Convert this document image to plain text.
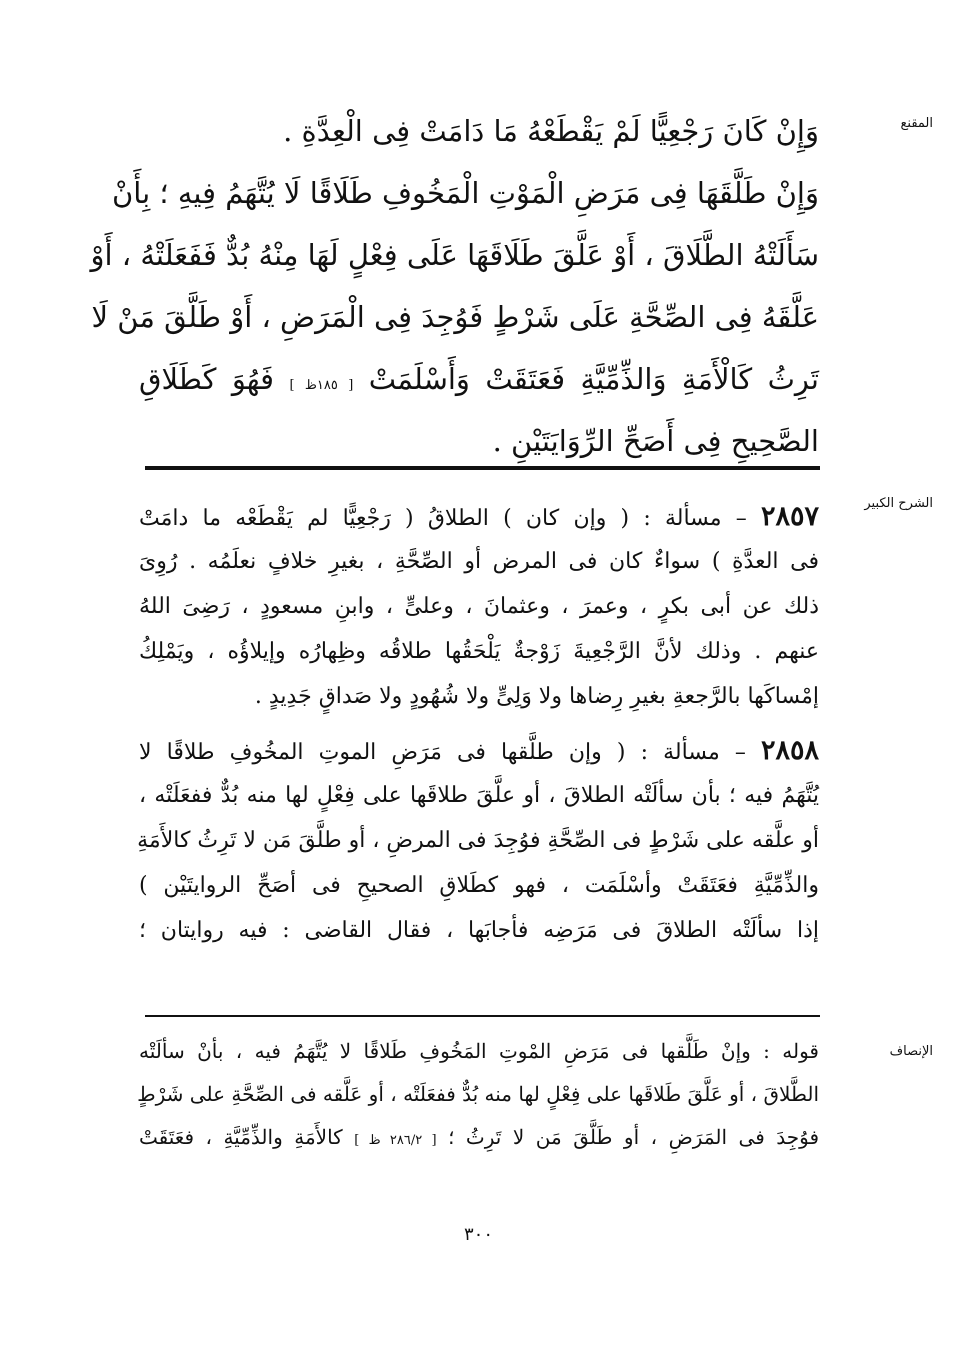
المقنع
وَإِنْ كَانَ رَجْعِيًّا لَمْ يَقْطَعْهُ مَا دَامَتْ فِى الْعِدَّةِ .
وَإِنْ طَلَّقَهَا فِى مَرَضِ الْمَوْتِ الْمَخُوفِ طَلَاقًا لَا يُتَّهَمُ فِيهِ ؛ بِأَنْ
سَأَلَتْهُ الطَّلَاقَ ، أَوْ عَلَّقَ طَلَاقَهَا عَلَى فِعْلٍ لَهَا مِنْهُ بُدٌّ فَفَعَلَتْهُ ، أَوْ
عَلَّقَهُ فِى الصِّحَّةِ عَلَى شَرْطٍ فَوُجِدَ فِى الْمَرَضِ ، أَوْ طَلَّقَ مَنْ لَا
تَرِثُ كَالْأَمَةِ وَالذِّمِّيَّةِ فَعَتَقَتْ وَأَسْلَمَتْ [ ١٨٥ظ ] فَهُوَ كَطَلَاقِ
الصَّحِيحِ فِى أَصَحِّ الرِّوَايَتَيْنِ .
الشرح الكبير
٢٨٥٧ – مسألة : ( وإن كان ) الطلاقُ ( رَجْعِيًّا لم يَقْطَعْه ما دامَتْ
فى العدَّةِ ) سواءٌ كان فى المرض أو الصِّحَّةِ ، بغيرِ خلافٍ نعلَمُه . رُوِىَ
ذلك عن أبى بكرٍ ، وعمرَ ، وعثمانَ ، وعلىٍّ ، وابنِ مسعودٍ ، رَضِىَ اللهُ
عنهم . وذلك لأنَّ الرَّجْعِيةَ زَوْجةٌ يَلْحَقُها طلاقُه وظِهارُه وإيلاؤُه ، ويَمْلِكُ
إمْساكَها بالرَّجعةِ بغيرِ رِضاها ولا وَلِىٍّ ولا شُهُودٍ ولا صَداقٍ جَدِيدٍ .
٢٨٥٨ – مسألة : ( وإن طلَّقها فى مَرَضِ الموتِ المخُوفِ طلاقًا لا
يُتَّهَمُ فيه ؛ بأن سألَتْه الطلاقَ ، أو علَّقَ طلاقَها على فِعْلٍ لها منه بُدٌّ ففعَلَتْه ،
أو علَّقه على شَرْطٍ فى الصِّحَّةِ فوُجِدَ فى المرضِ ، أو طلَّقَ مَن لا تَرِثُ كالأَمَةِ
والذِّمِّيَّةِ فعَتَقَتْ وأسْلَمَت ، فهو كطَلاقِ الصحيحِ فى أصَحِّ الروايتَيْن )
إذا سألَتْه الطلاقَ فى مَرَضِه فأجابَها ، فقال القاضى : فيه روايتان ؛
الإنصاف
قوله : وإنْ طَلَّقها فى مَرَضِ المْوتِ المَخُوفِ طَلاقًا لا يُتَّهَمُ فيه ، بأنْ سألَتْه
الطَّلاقَ ، أو عَلَّقَ طَلاقَها على فِعْلٍ لها منه بُدٌّ ففعَلَتْه ، أو عَلَّقه فى الصِّحَّةِ على شَرْطٍ
فوُجِدَ فى المَرَضِ ، أو طَلَّقَ مَن لا تَرِثُ ؛ [ ٢٨٦/٢ ظ ] كالأَمَةِ والذِّمِّيَّةِ ، فعَتَقَتْ
٣٠٠
